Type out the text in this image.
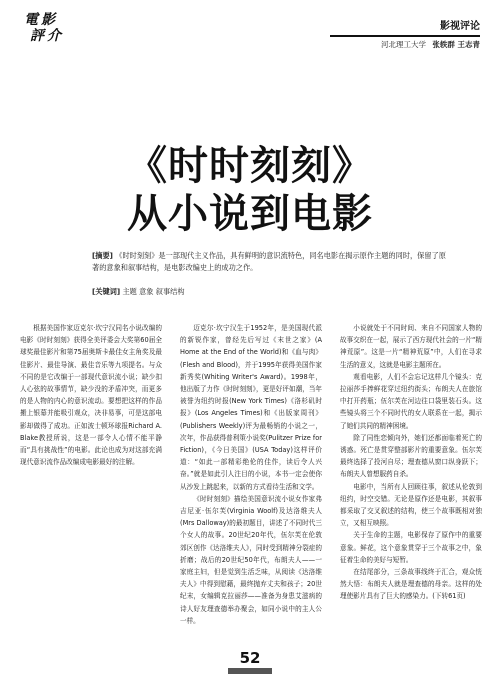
電影
評介
影视评论
河北理工大学 张轶群 王志青
《时时刻刻》
从小说到电影
[摘要] 《时时刻刻》是一部现代主义作品，具有鲜明的意识流特色，同名电影在揭示原作主题的同时，保留了原著的意象和叙事结构，是电影改编史上的成功之作。
[关键词] 主题 意象 叙事结构

根据美国作家迈克尔·坎宁汉同名小说改编的电影《时时刻刻》获得全美评委会大奖第60届全球奖最佳影片和第75届奥斯卡最佳女主角奖及最佳影片、最佳导演、最佳音乐等九项提名。与众不同的是它改编于一部现代意识流小说；缺少扣人心弦的故事情节，缺少没的矛盾冲突，而更多的是人物的内心的意识流动。要想把这样的作品搬上银幕并能吸引观众，决非易事，可是这部电影却做得了成功。正如波士顿环球报Richard A. Blake教授所说，这是一部令人心情不能平静而“具有挑战性”的电影。此论也成为对这部充满现代意识流作品改编成电影最好的注解。

迈克尔·坎宁汉生于1952年，是美国现代派的新锐作家，曾经先后写过《末世之家》(A Home at the End of the World)和《血与肉》(Flesh and Blood)，并于1995年获得美国作家新秀奖(Whiting Writer's Award)。1998年，他出版了力作《时时刻刻》，更是好评如潮，当年被誉为纽约时报(New York Times)《洛杉矶时报》(Los Angeles Times)和《出版家周刊》(Publishers Weekly)评为最畅销的小说之一，次年，作品获得普利策小说奖(Pulitzer Prize for Fiction)，《今日美国》(USA Today)这样评价道：“如此一部精彩绝伦的佳作，读后令人兴奋。”就是如此引人注目的小说，本书一定会使你从沙发上跳起来，以新的方式看待生活和文学。

《时时刻刻》描绘美国意识流小说女作家弗吉尼亚·伍尔芙(Virginia Woolf)及达洛维夫人(Mrs Dalloway)的最初题目，讲述了不同时代三个女人的故事。20世纪20年代，伍尔芙在伦敦郊区创作《达洛维夫人》，同时受到精神分裂症的折磨；战后的20世纪50年代，布朗夫人——一家庭主妇，但是觉到生活乏味，从阅读《达洛维夫人》中得到慰藉，最终抛弃丈夫和孩子；20世纪末，女编辑克拉丽莎——准备为身患艾滋病的诗人好友理查德举办聚会，如同小说中的主人公一样。

小说就处于不同时间、来自不同国家人物的故事交织在一起，展示了西方现代社会的一片“精神荒原”。这是一片“精神荒原”中，人们在寻求生活的意义，这就是电影主题所在。

观看电影，人们不会忘记这样几个镜头：克拉丽莎手捧鲜花穿过纽约街头；布朗夫人在旅馆中打开药瓶；伍尔芙在河边往口袋里装石头。这些镜头将三个不同时代的女人联系在一起，揭示了她们共同的精神困境。

除了同性恋倾向外，她们还都面临着死亡的诱惑。死亡是贯穿整部影片的重要意象。伍尔芙最终选择了投河自尽；理查德从窗口纵身跃下；布朗夫人曾想服药自杀。

电影中，当所有人回顾往事，叙述从伦敦到纽约，时空交错。无论是原作还是电影，其叙事都采取了交叉叙述的结构，使三个故事既相对独立，又相互映照。

关于生命的主题，电影保存了原作中的重要意象。鲜花，这个意象贯穿于三个故事之中，象征着生命的美好与短暂。

在结尾部分，三条故事线终于汇合，观众恍然大悟：布朗夫人就是理查德的母亲。这样的处理使影片具有了巨大的感染力。(下转61页)

52
